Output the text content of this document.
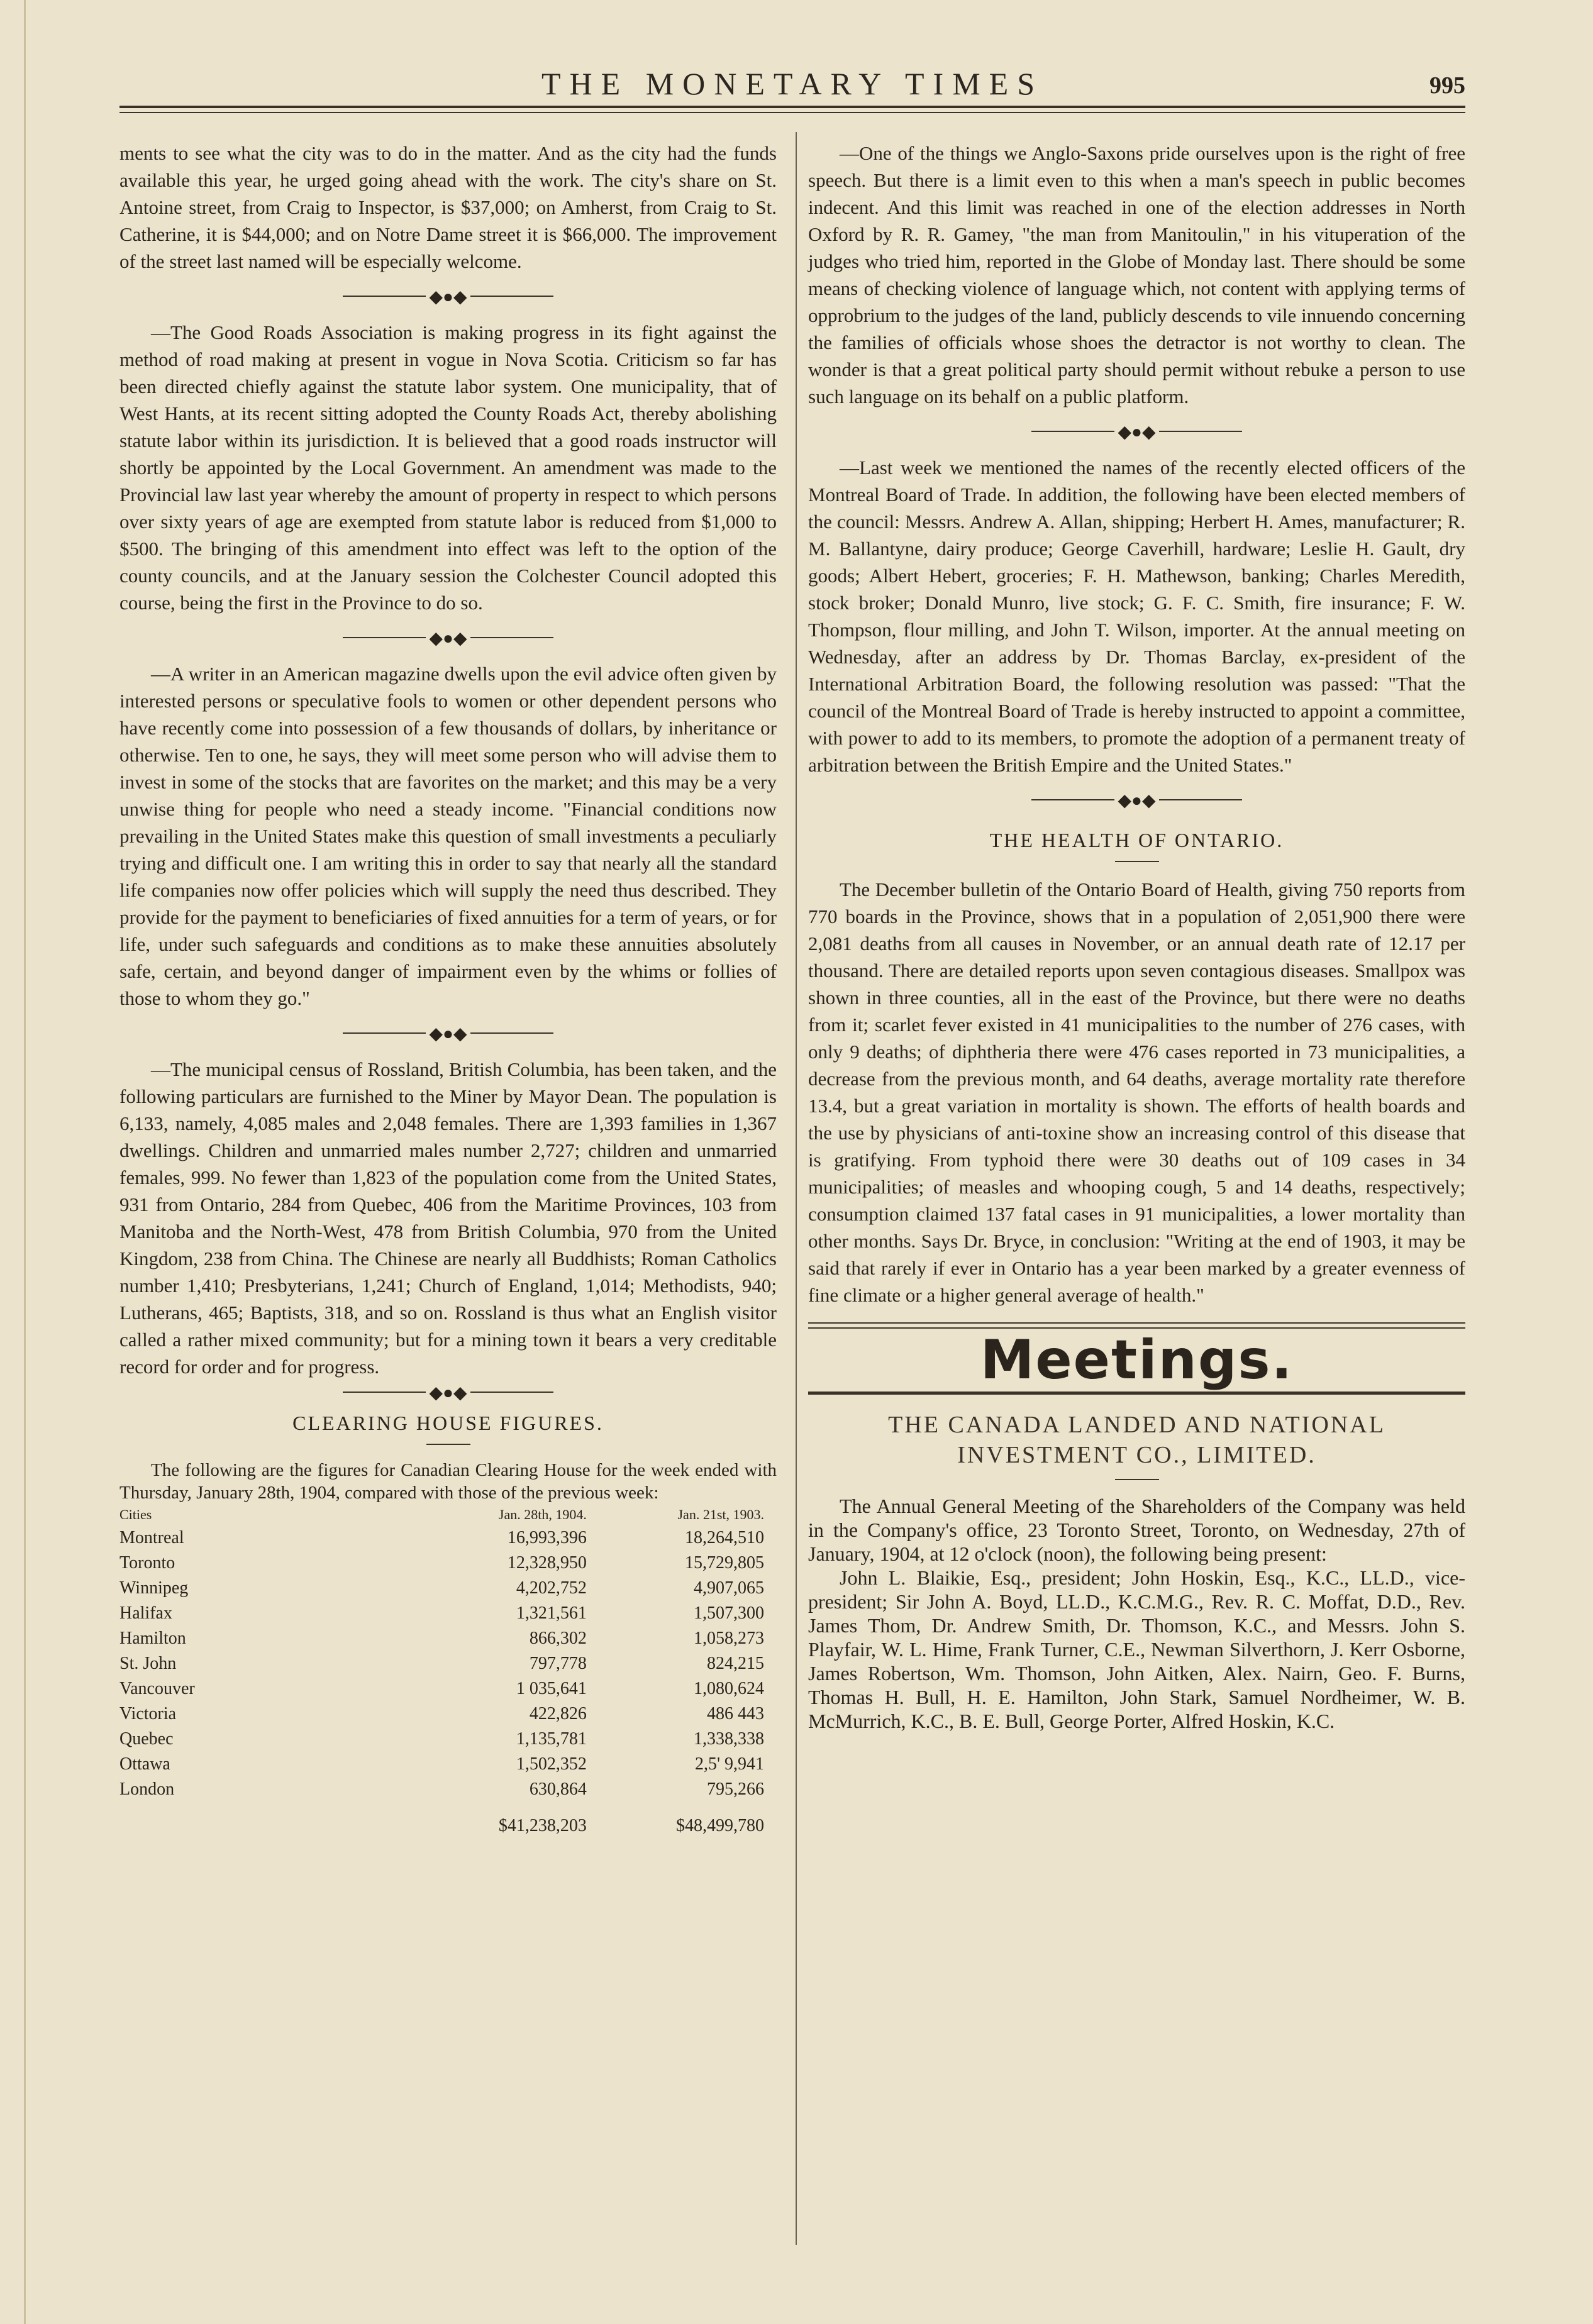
THE MONETARY TIMES	995

ments to see what the city was to do in the matter. And as the city had the funds available this year, he urged going ahead with the work. The city's share on St. Antoine street, from Craig to Inspector, is $37,000; on Amherst, from Craig to St. Catherine, it is $44,000; and on Notre Dame street it is $66,000. The improvement of the street last named will be especially welcome.

◆●◆

—The Good Roads Association is making progress in its fight against the method of road making at present in vogue in Nova Scotia. Criticism so far has been directed chiefly against the statute labor system. One municipality, that of West Hants, at its recent sitting adopted the County Roads Act, thereby abolishing statute labor within its jurisdiction. It is believed that a good roads instructor will shortly be appointed by the Local Government. An amendment was made to the Provincial law last year whereby the amount of property in respect to which persons over sixty years of age are exempted from statute labor is reduced from $1,000 to $500. The bringing of this amendment into effect was left to the option of the county councils, and at the January session the Colchester Council adopted this course, being the first in the Province to do so.

◆●◆

—A writer in an American magazine dwells upon the evil advice often given by interested persons or speculative fools to women or other dependent persons who have recently come into possession of a few thousands of dollars, by inheritance or otherwise. Ten to one, he says, they will meet some person who will advise them to invest in some of the stocks that are favorites on the market; and this may be a very unwise thing for people who need a steady income. "Financial conditions now prevailing in the United States make this question of small investments a peculiarly trying and difficult one. I am writing this in order to say that nearly all the standard life companies now offer policies which will supply the need thus described. They provide for the payment to beneficiaries of fixed annuities for a term of years, or for life, under such safeguards and conditions as to make these annuities absolutely safe, certain, and beyond danger of impairment even by the whims or follies of those to whom they go."

◆●◆

—The municipal census of Rossland, British Columbia, has been taken, and the following particulars are furnished to the Miner by Mayor Dean. The population is 6,133, namely, 4,085 males and 2,048 females. There are 1,393 families in 1,367 dwellings. Children and unmarried males number 2,727; children and unmarried females, 999. No fewer than 1,823 of the population come from the United States, 931 from Ontario, 284 from Quebec, 406 from the Maritime Provinces, 103 from Manitoba and the North-West, 478 from British Columbia, 970 from the United Kingdom, 238 from China. The Chinese are nearly all Buddhists; Roman Catholics number 1,410; Presbyterians, 1,241; Church of England, 1,014; Methodists, 940; Lutherans, 465; Baptists, 318, and so on. Rossland is thus what an English visitor called a rather mixed community; but for a mining town it bears a very creditable record for order and for progress.

◆●◆
CLEARING HOUSE FIGURES.

The following are the figures for Canadian Clearing House for the week ended with Thursday, January 28th, 1904, compared with those of the previous week:

Cities	Jan. 28th, 1904.	Jan. 21st, 1903.
Montreal	16,993,396	18,264,510
Toronto	12,328,950	15,729,805
Winnipeg	4,202,752	4,907,065
Halifax	1,321,561	1,507,300
Hamilton	866,302	1,058,273
St. John	797,778	824,215
Vancouver	1 035,641	1,080,624
Victoria	422,826	486 443
Quebec	1,135,781	1,338,338
Ottawa	1,502,352	2,5' 9,941
London	630,864	795,266
	$41,238,203	$48,499,780

—One of the things we Anglo-Saxons pride ourselves upon is the right of free speech. But there is a limit even to this when a man's speech in public becomes indecent. And this limit was reached in one of the election addresses in North Oxford by R. R. Gamey, "the man from Manitoulin," in his vituperation of the judges who tried him, reported in the Globe of Monday last. There should be some means of checking violence of language which, not content with applying terms of opprobrium to the judges of the land, publicly descends to vile innuendo concerning the families of officials whose shoes the detractor is not worthy to clean. The wonder is that a great political party should permit without rebuke a person to use such language on its behalf on a public platform.

◆●◆

—Last week we mentioned the names of the recently elected officers of the Montreal Board of Trade. In addition, the following have been elected members of the council: Messrs. Andrew A. Allan, shipping; Herbert H. Ames, manufacturer; R. M. Ballantyne, dairy produce; George Caverhill, hardware; Leslie H. Gault, dry goods; Albert Hebert, groceries; F. H. Mathewson, banking; Charles Meredith, stock broker; Donald Munro, live stock; G. F. C. Smith, fire insurance; F. W. Thompson, flour milling, and John T. Wilson, importer. At the annual meeting on Wednesday, after an address by Dr. Thomas Barclay, ex-president of the International Arbitration Board, the following resolution was passed: "That the council of the Montreal Board of Trade is hereby instructed to appoint a committee, with power to add to its members, to promote the adoption of a permanent treaty of arbitration between the British Empire and the United States."

◆●◆
THE HEALTH OF ONTARIO.

The December bulletin of the Ontario Board of Health, giving 750 reports from 770 boards in the Province, shows that in a population of 2,051,900 there were 2,081 deaths from all causes in November, or an annual death rate of 12.17 per thousand. There are detailed reports upon seven contagious diseases. Smallpox was shown in three counties, all in the east of the Province, but there were no deaths from it; scarlet fever existed in 41 municipalities to the number of 276 cases, with only 9 deaths; of diphtheria there were 476 cases reported in 73 municipalities, a decrease from the previous month, and 64 deaths, average mortality rate therefore 13.4, but a great variation in mortality is shown. The efforts of health boards and the use by physicians of anti-toxine show an increasing control of this disease that is gratifying. From typhoid there were 30 deaths out of 109 cases in 34 municipalities; of measles and whooping cough, 5 and 14 deaths, respectively; consumption claimed 137 fatal cases in 91 municipalities, a lower mortality than other months. Says Dr. Bryce, in conclusion: "Writing at the end of 1903, it may be said that rarely if ever in Ontario has a year been marked by a greater evenness of fine climate or a higher general average of health."

Meetings.
THE CANADA LANDED AND NATIONAL
INVESTMENT CO., LIMITED.

The Annual General Meeting of the Shareholders of the Company was held in the Company's office, 23 Toronto Street, Toronto, on Wednesday, 27th of January, 1904, at 12 o'clock (noon), the following being present:

John L. Blaikie, Esq., president; John Hoskin, Esq., K.C., LL.D., vice-president; Sir John A. Boyd, LL.D., K.C.M.G., Rev. R. C. Moffat, D.D., Rev. James Thom, Dr. Andrew Smith, Dr. Thomson, K.C., and Messrs. John S. Playfair, W. L. Hime, Frank Turner, C.E., Newman Silverthorn, J. Kerr Osborne, James Robertson, Wm. Thomson, John Aitken, Alex. Nairn, Geo. F. Burns, Thomas H. Bull, H. E. Hamilton, John Stark, Samuel Nordheimer, W. B. McMurrich, K.C., B. E. Bull, George Porter, Alfred Hoskin, K.C.
